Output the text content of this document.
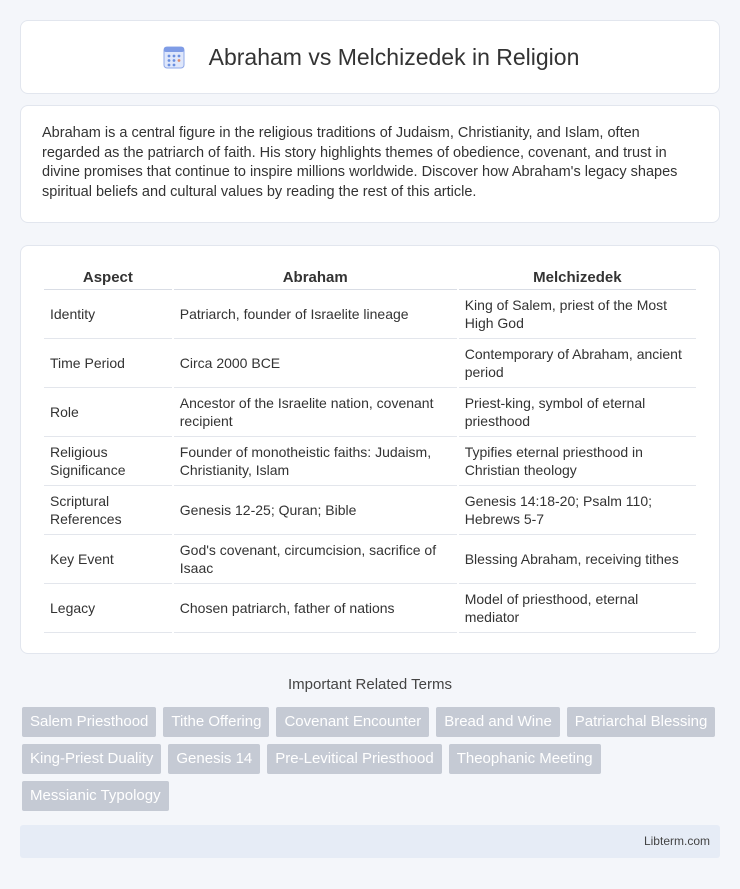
Abraham vs Melchizedek in Religion

Abraham is a central figure in the religious traditions of Judaism, Christianity, and Islam, often regarded as the patriarch of faith. His story highlights themes of obedience, covenant, and trust in divine promises that continue to inspire millions worldwide. Discover how Abraham's legacy shapes spiritual beliefs and cultural values by reading the rest of this article.

Aspect	Abraham	Melchizedek
Identity	Patriarch, founder of Israelite lineage	King of Salem, priest of the Most High God
Time Period	Circa 2000 BCE	Contemporary of Abraham, ancient period
Role	Ancestor of the Israelite nation, covenant recipient	Priest-king, symbol of eternal priesthood
Religious Significance	Founder of monotheistic faiths: Judaism, Christianity, Islam	Typifies eternal priesthood in Christian theology
Scriptural References	Genesis 12-25; Quran; Bible	Genesis 14:18-20; Psalm 110; Hebrews 5-7
Key Event	God's covenant, circumcision, sacrifice of Isaac	Blessing Abraham, receiving tithes
Legacy	Chosen patriarch, father of nations	Model of priesthood, eternal mediator
Important Related Terms
Salem Priesthood	Tithe Offering	Covenant Encounter	Bread and Wine	Patriarchal Blessing
King-Priest Duality	Genesis 14	Pre-Levitical Priesthood	Theophanic Meeting
Messianic Typology
Libterm.com
